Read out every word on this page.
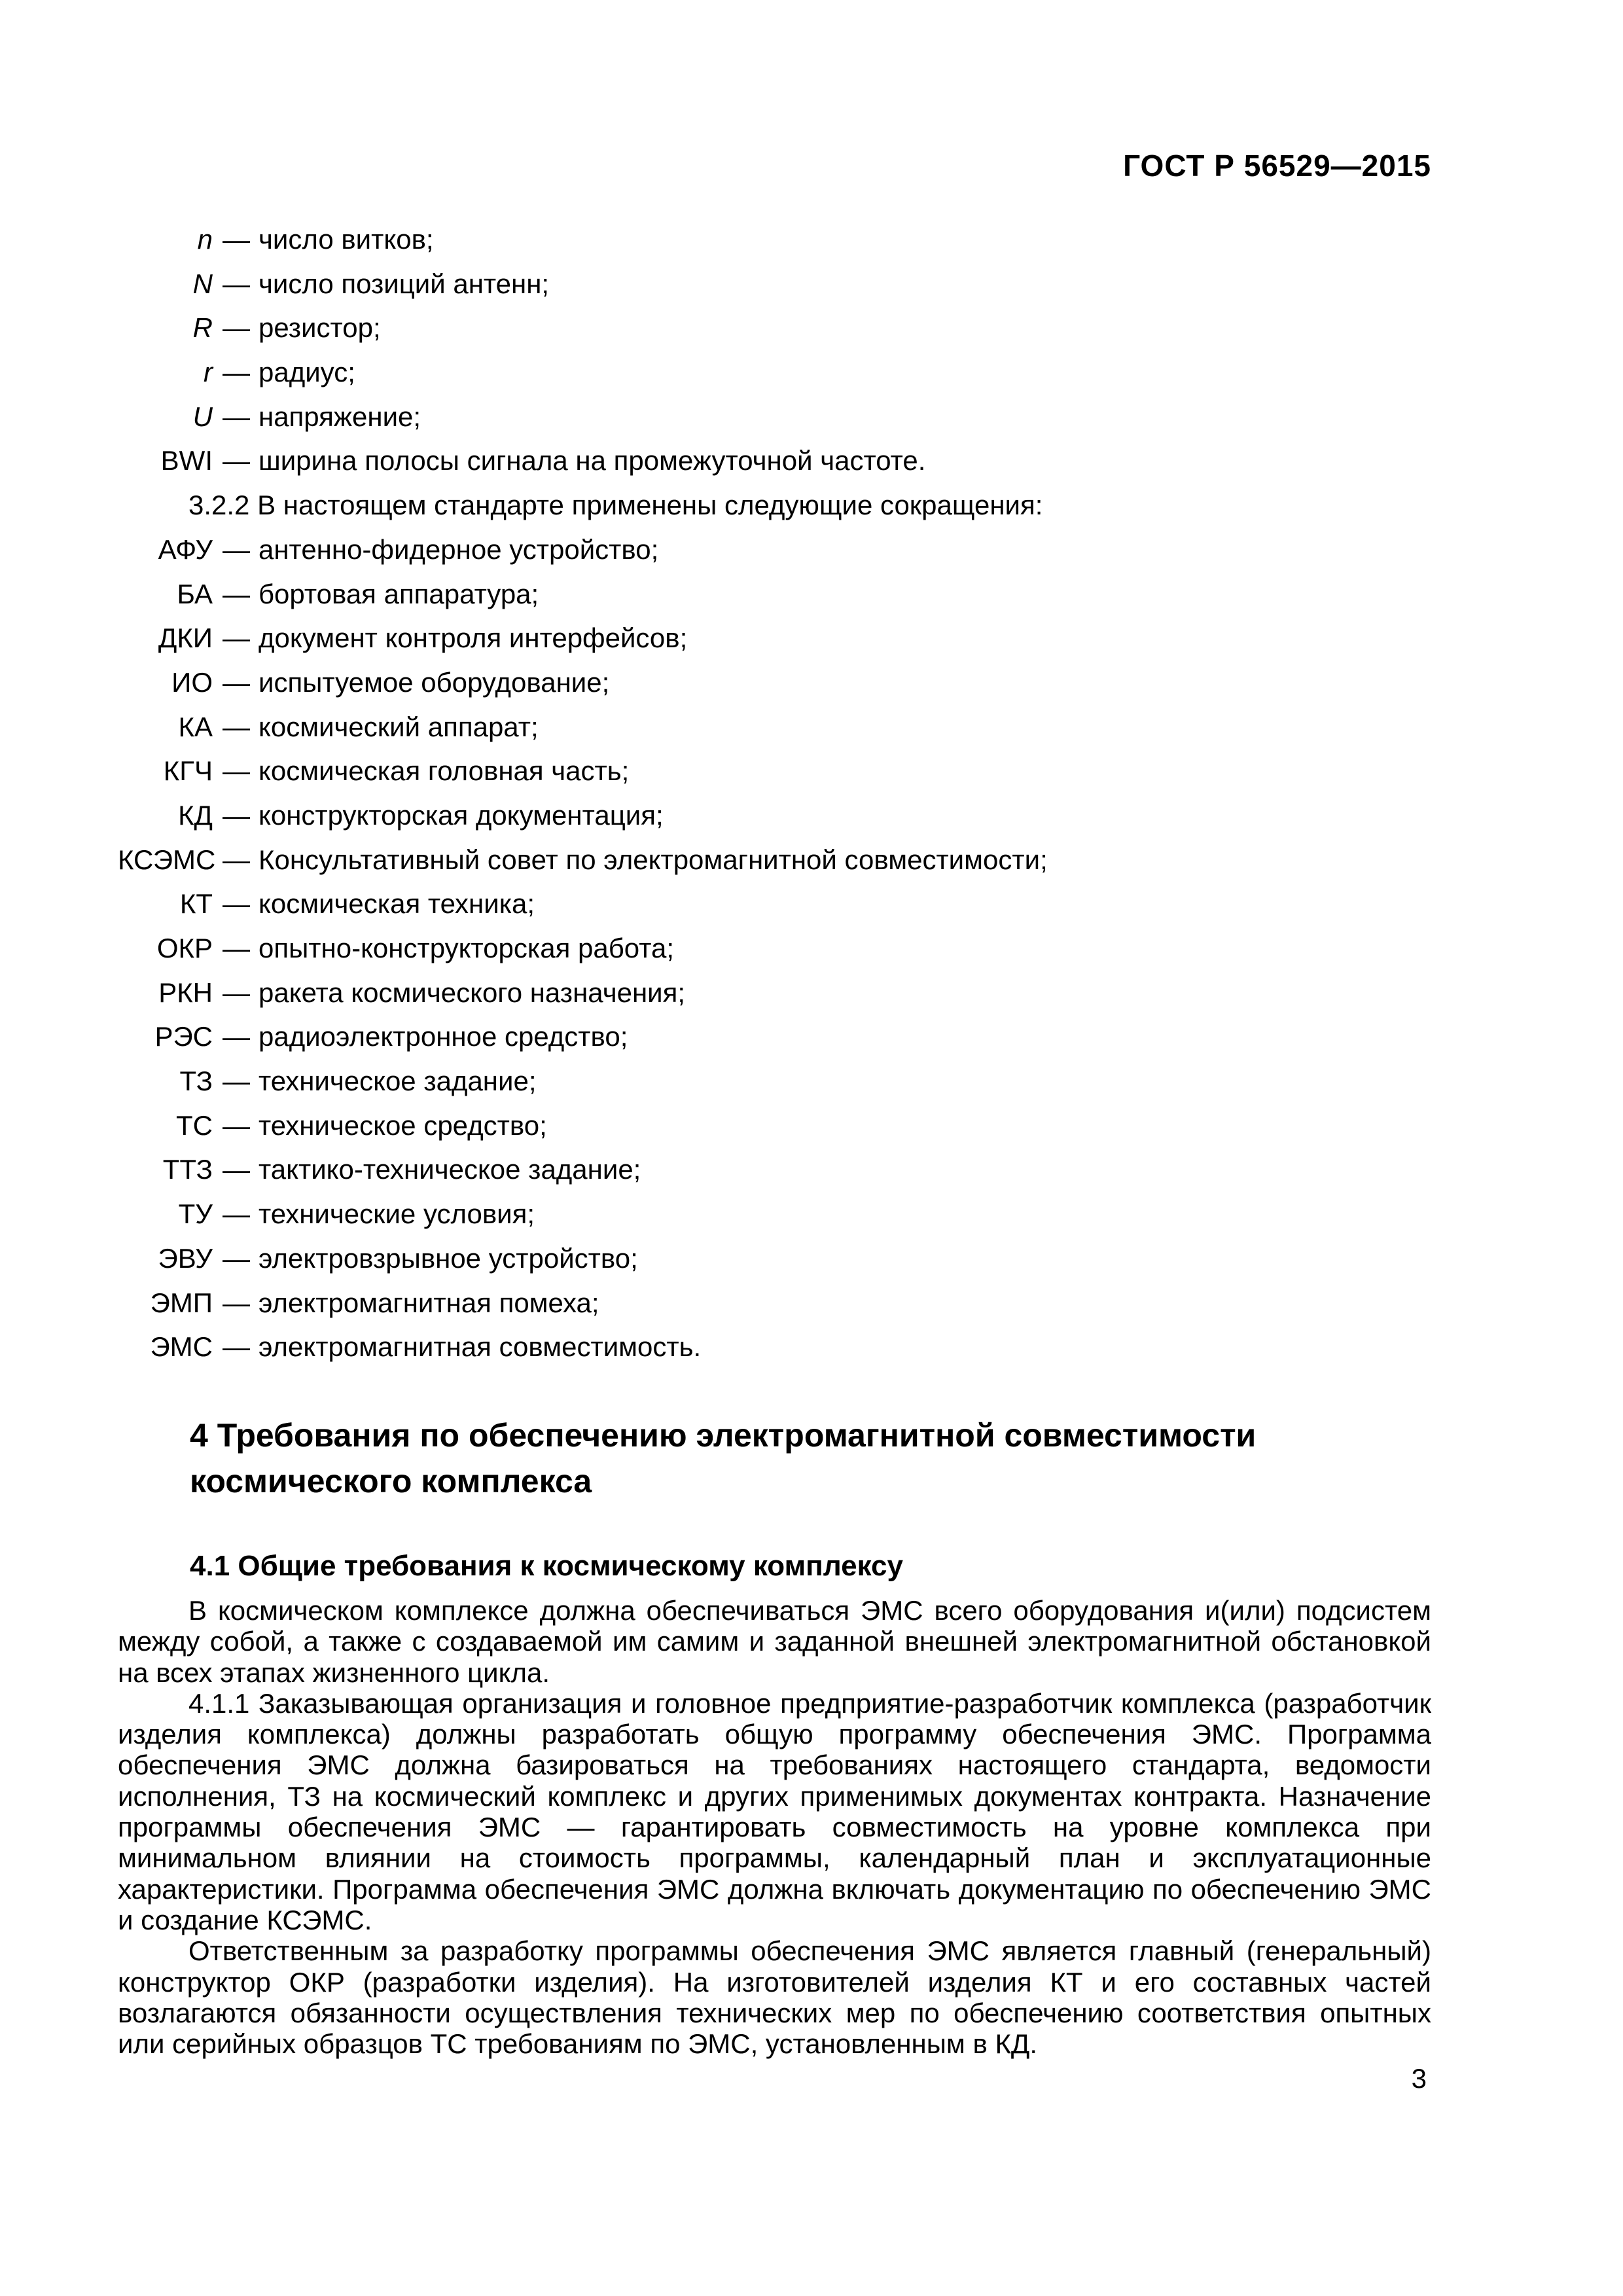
ГОСТ Р 56529—2015
n — число витков;
N — число позиций антенн;
R — резистор;
r — радиус;
U — напряжение;
BWI — ширина полосы сигнала на промежуточной частоте.
3.2.2 В настоящем стандарте применены следующие сокращения:
АФУ — антенно-фидерное устройство;
БА — бортовая аппаратура;
ДКИ — документ контроля интерфейсов;
ИО — испытуемое оборудование;
КА — космический аппарат;
КГЧ — космическая головная часть;
КД — конструкторская документация;
КСЭМС — Консультативный совет по электромагнитной совместимости;
КТ — космическая техника;
ОКР — опытно-конструкторская работа;
РКН — ракета космического назначения;
РЭС — радиоэлектронное средство;
ТЗ — техническое задание;
ТС — техническое средство;
ТТЗ — тактико-техническое задание;
ТУ — технические условия;
ЭВУ — электровзрывное устройство;
ЭМП — электромагнитная помеха;
ЭМС — электромагнитная совместимость.
4 Требования по обеспечению электромагнитной совместимости
космического комплекса
4.1 Общие требования к космическому комплексу

В космическом комплексе должна обеспечиваться ЭМС всего оборудования и(или) подсистем между собой, а также с создаваемой им самим и заданной внешней электромагнитной обстановкой на всех этапах жизненного цикла.

4.1.1 Заказывающая организация и головное предприятие-разработчик комплекса (разработчик изделия комплекса) должны разработать общую программу обеспечения ЭМС. Программа обеспечения ЭМС должна базироваться на требованиях настоящего стандарта, ведомости исполнения, ТЗ на космический комплекс и других применимых документах контракта. Назначение программы обеспечения ЭМС — гарантировать совместимость на уровне комплекса при минимальном влиянии на стоимость программы, календарный план и эксплуатационные характеристики. Программа обеспечения ЭМС должна включать документацию по обеспечению ЭМС и создание КСЭМС.

Ответственным за разработку программы обеспечения ЭМС является главный (генеральный) конструктор ОКР (разработки изделия). На изготовителей изделия КТ и его составных частей возлагаются обязанности осуществления технических мер по обеспечению соответствия опытных или серийных образцов ТС требованиям по ЭМС, установленным в КД.

3
